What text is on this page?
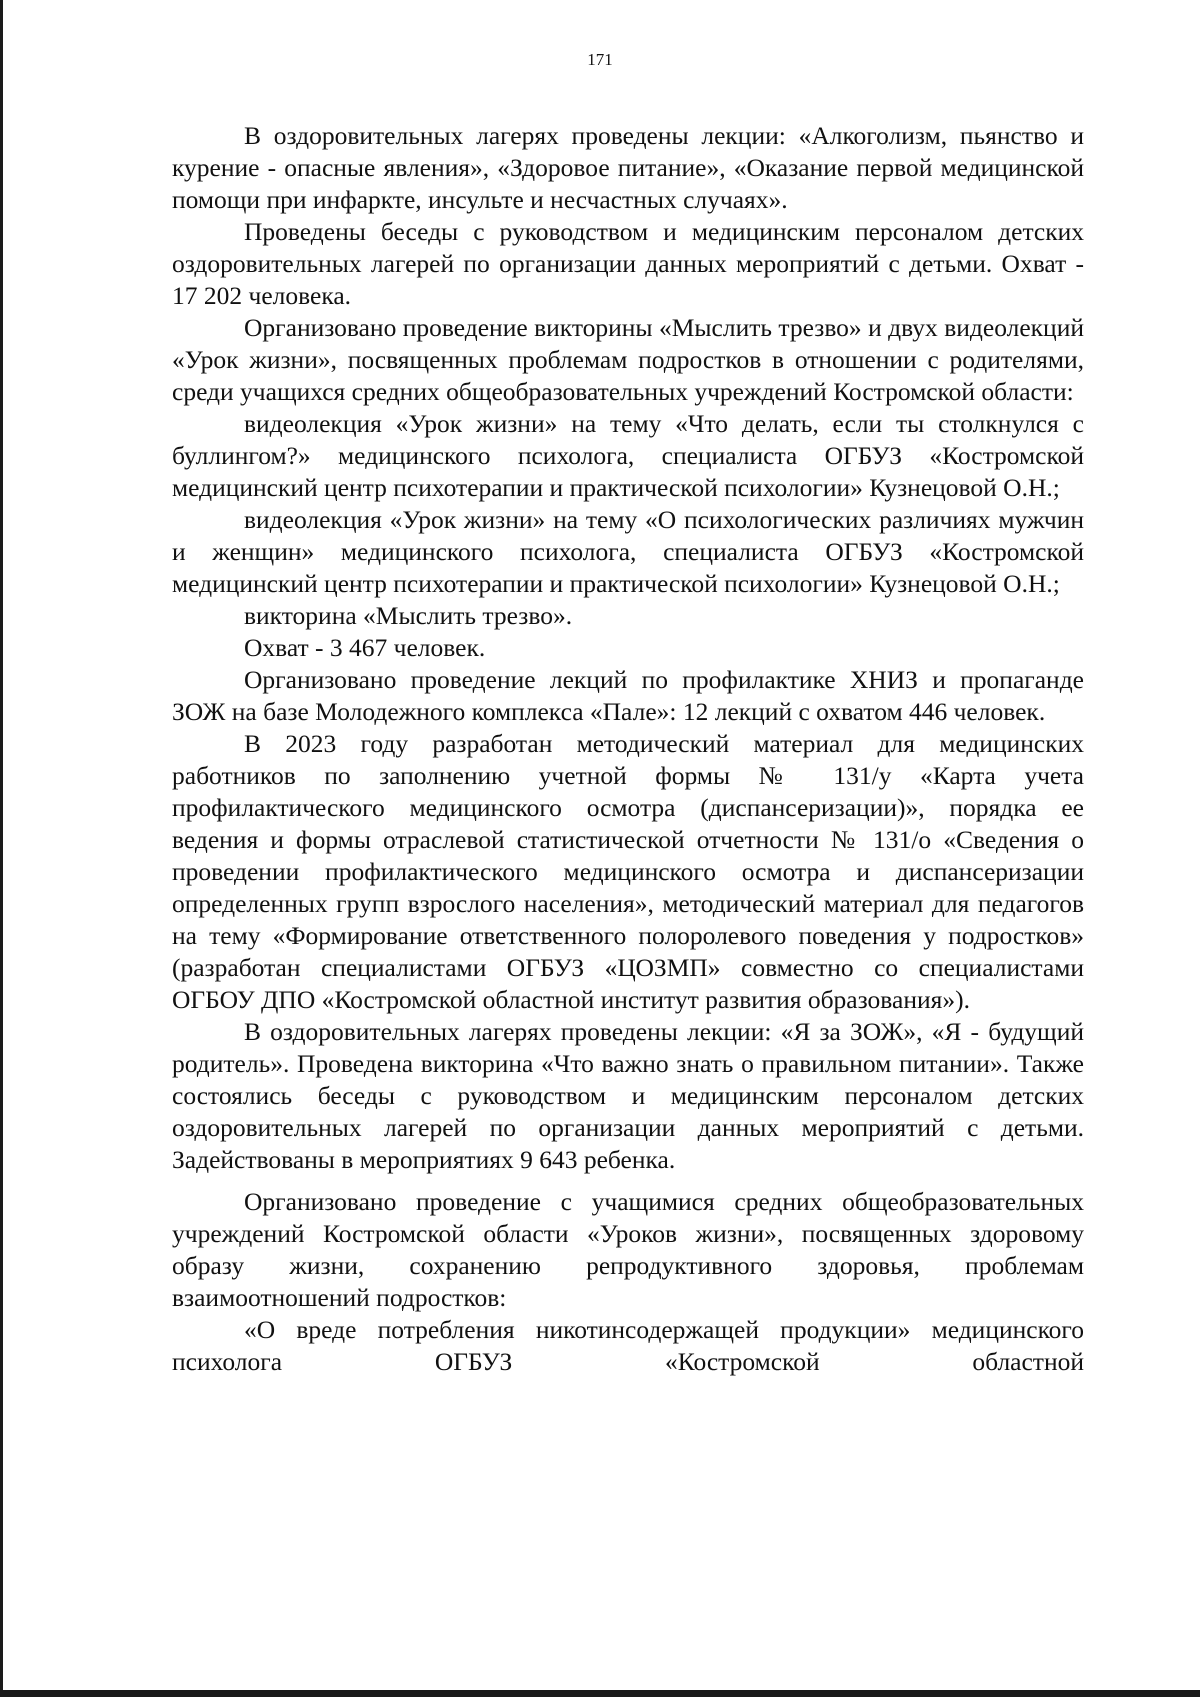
171

В оздоровительных лагерях проведены лекции: «Алкоголизм, пьянство и курение - опасные явления», «Здоровое питание», «Оказание первой медицинской помощи при инфаркте, инсульте и несчастных случаях».

Проведены беседы с руководством и медицинским персоналом детских оздоровительных лагерей по организации данных мероприятий с детьми. Охват - 17 202 человека.

Организовано проведение викторины «Мыслить трезво» и двух видеолекций «Урок жизни», посвященных проблемам подростков в отношении с родителями, среди учащихся средних общеобразовательных учреждений Костромской области:

видеолекция «Урок жизни» на тему «Что делать, если ты столкнулся с буллингом?» медицинского психолога, специалиста ОГБУЗ «Костромской медицинский центр психотерапии и практической психологии» Кузнецовой О.Н.;

видеолекция «Урок жизни» на тему «О психологических различиях мужчин и женщин» медицинского психолога, специалиста ОГБУЗ «Костромской медицинский центр психотерапии и практической психологии» Кузнецовой О.Н.;

викторина «Мыслить трезво».

Охват - 3 467 человек.

Организовано проведение лекций по профилактике ХНИЗ и пропаганде ЗОЖ на базе Молодежного комплекса «Пале»: 12 лекций с охватом 446 человек.

В 2023 году разработан методический материал для медицинских работников по заполнению учетной формы № 131/у «Карта учета профилактического медицинского осмотра (диспансеризации)», порядка ее ведения и формы отраслевой статистической отчетности № 131/о «Сведения о проведении профилактического медицинского осмотра и диспансеризации определенных групп взрослого населения», методический материал для педагогов на тему «Формирование ответственного полоролевого поведения у подростков» (разработан специалистами ОГБУЗ «ЦОЗМП» совместно со специалистами ОГБОУ ДПО «Костромской областной институт развития образования»).

В оздоровительных лагерях проведены лекции: «Я за ЗОЖ», «Я - будущий родитель». Проведена викторина «Что важно знать о правильном питании». Также состоялись беседы с руководством и медицинским персоналом детских оздоровительных лагерей по организации данных мероприятий с детьми. Задействованы в мероприятиях 9 643 ребенка.

Организовано проведение с учащимися средних общеобразовательных учреждений Костромской области «Уроков жизни», посвященных здоровому образу жизни, сохранению репродуктивного здоровья, проблемам взаимоотношений подростков:

«О вреде потребления никотинсодержащей продукции» медицинского психолога ОГБУЗ «Костромской областной
